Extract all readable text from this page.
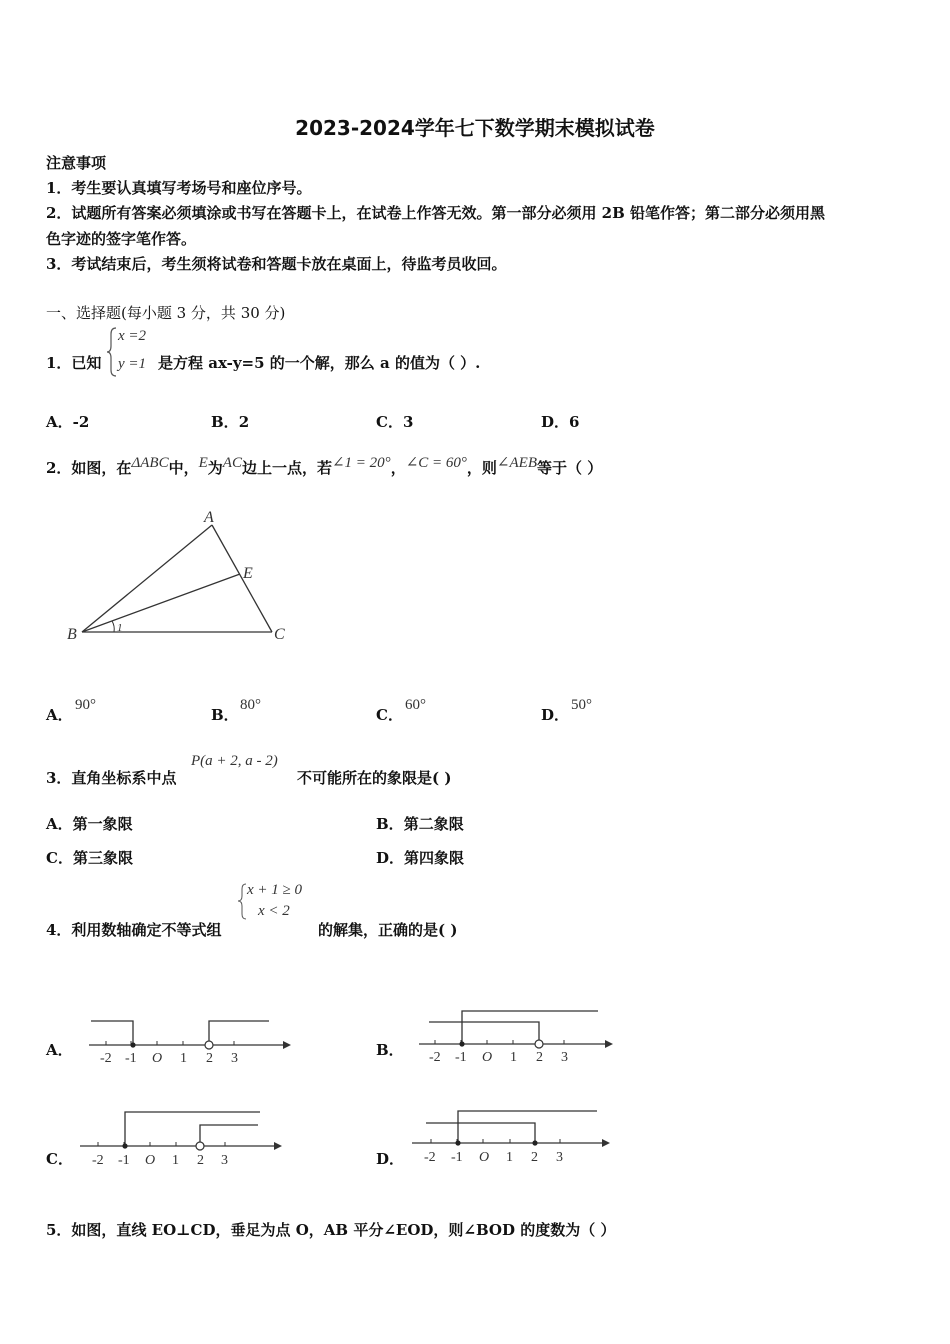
2023-2024学年七下数学期末模拟试卷
注意事项
1．考生要认真填写考场号和座位序号。
2．试题所有答案必须填涂或书写在答题卡上，在试卷上作答无效。第一部分必须用 2B 铅笔作答；第二部分必须用黑
色字迹的签字笔作答。
3．考试结束后，考生须将试卷和答题卡放在桌面上，待监考员收回。
一、选择题(每小题 3 分，共 30 分)
1．已知
x =2
y =1 是方程 ax-y=5 的一个解，那么 a 的值为（ ）.
A．-2	B．2	C．3	D．6
2．如图，在ΔABC中，E为AC边上一点，若∠1 = 20°，∠C = 60°，则∠AEB等于（ ）
1
A
E
B	C
A．
90°
B．
80°
C．
60°
D．
50°
3．直角坐标系中点
P(a + 2, a - 2)
不可能所在的象限是( )
A．第一象限	B．第二象限
C．第三象限	D．第四象限
4．利用数轴确定不等式组
x + 1 ≥ 0
x < 2
的解集，正确的是( )
A．	B．
C．	D．
-2 -1 O 1 2 3	-2 -1 O 1 2 3
-2 -1 O 1 2 3	-2 -1 O 1 2 3
5．如图，直线 EO⊥CD，垂足为点 O，AB 平分∠EOD，则∠BOD 的度数为（ ）
